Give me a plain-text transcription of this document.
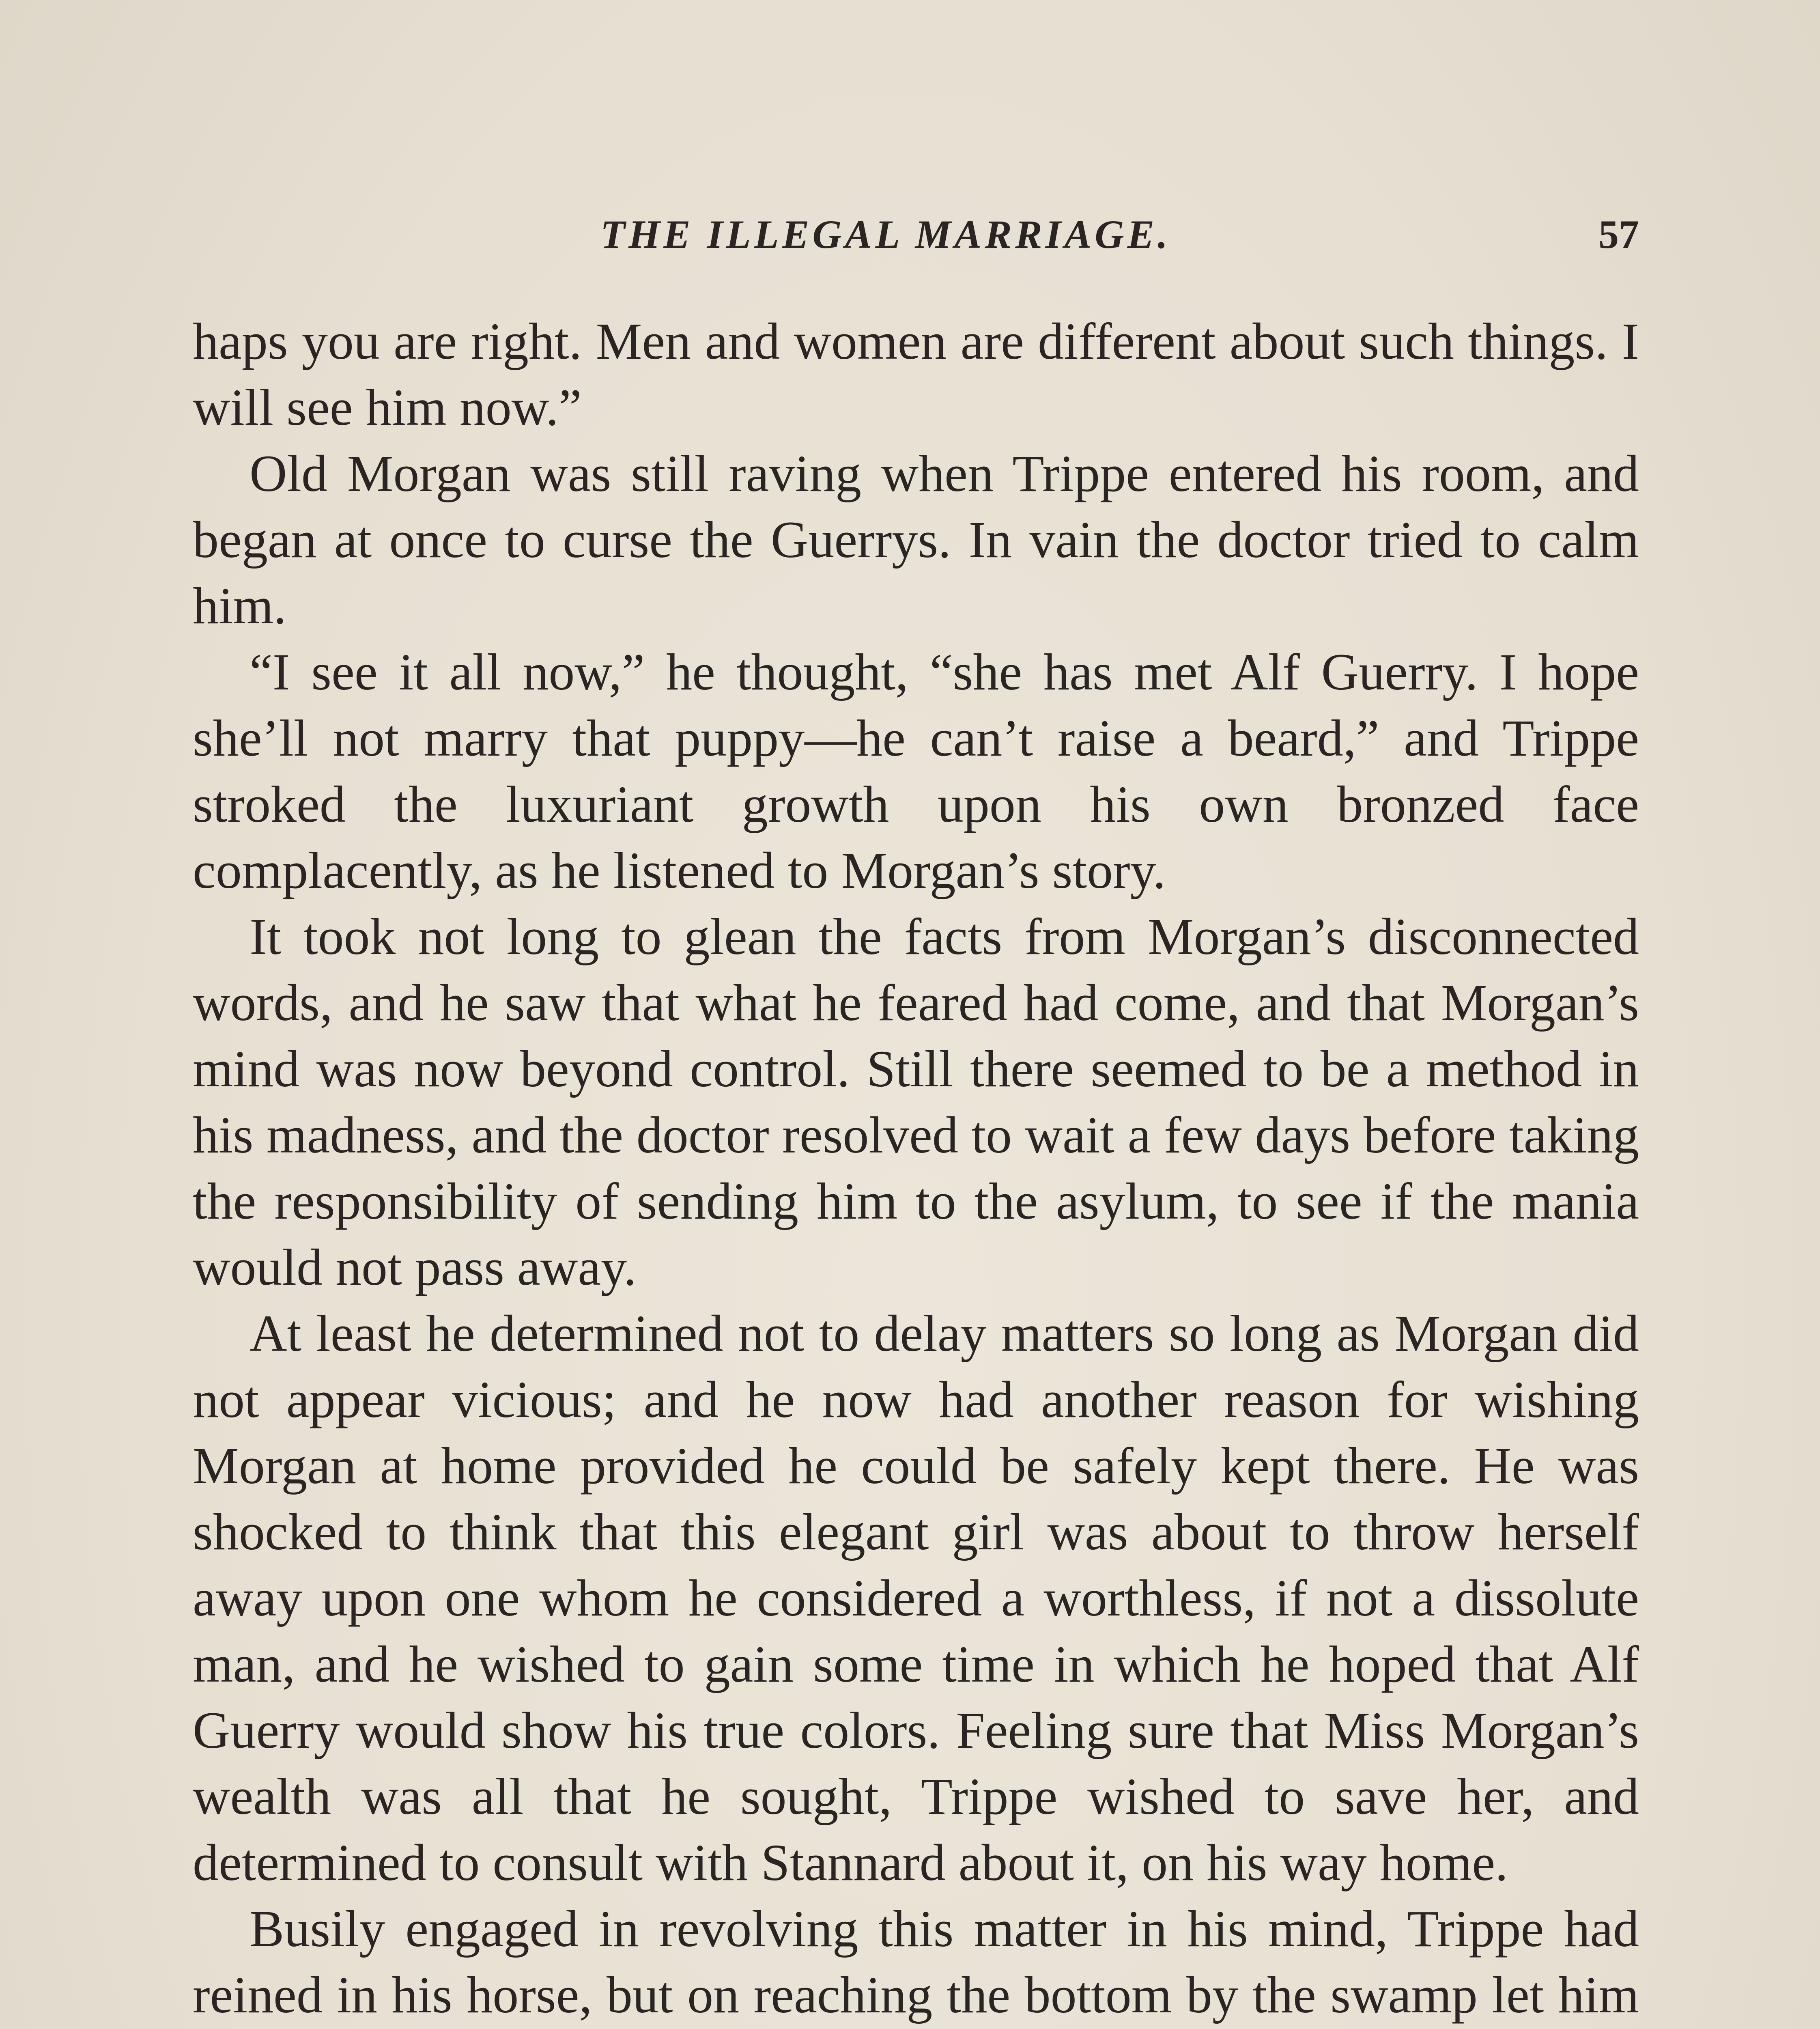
THE ILLEGAL MARRIAGE.	57

haps you are right. Men and women are different about such things. I will see him now.”

Old Morgan was still raving when Trippe entered his room, and began at once to curse the Guerrys. In vain the doctor tried to calm him.

“I see it all now,” he thought, “she has met Alf Guerry. I hope she’ll not marry that puppy—he can’t raise a beard,” and Trippe stroked the luxuriant growth upon his own bronzed face complacently, as he listened to Morgan’s story.

It took not long to glean the facts from Morgan’s disconnected words, and he saw that what he feared had come, and that Morgan’s mind was now beyond control. Still there seemed to be a method in his madness, and the doctor resolved to wait a few days before taking the responsibility of sending him to the asylum, to see if the mania would not pass away.

At least he determined not to delay matters so long as Morgan did not appear vicious; and he now had another reason for wishing Morgan at home provided he could be safely kept there. He was shocked to think that this elegant girl was about to throw herself away upon one whom he considered a worthless, if not a dissolute man, and he wished to gain some time in which he hoped that Alf Guerry would show his true colors. Feeling sure that Miss Morgan’s wealth was all that he sought, Trippe wished to save her, and determined to consult with Stannard about it, on his way home.

Busily engaged in revolving this matter in his mind, Trippe had reined in his horse, but on reaching the bottom by the swamp let him
